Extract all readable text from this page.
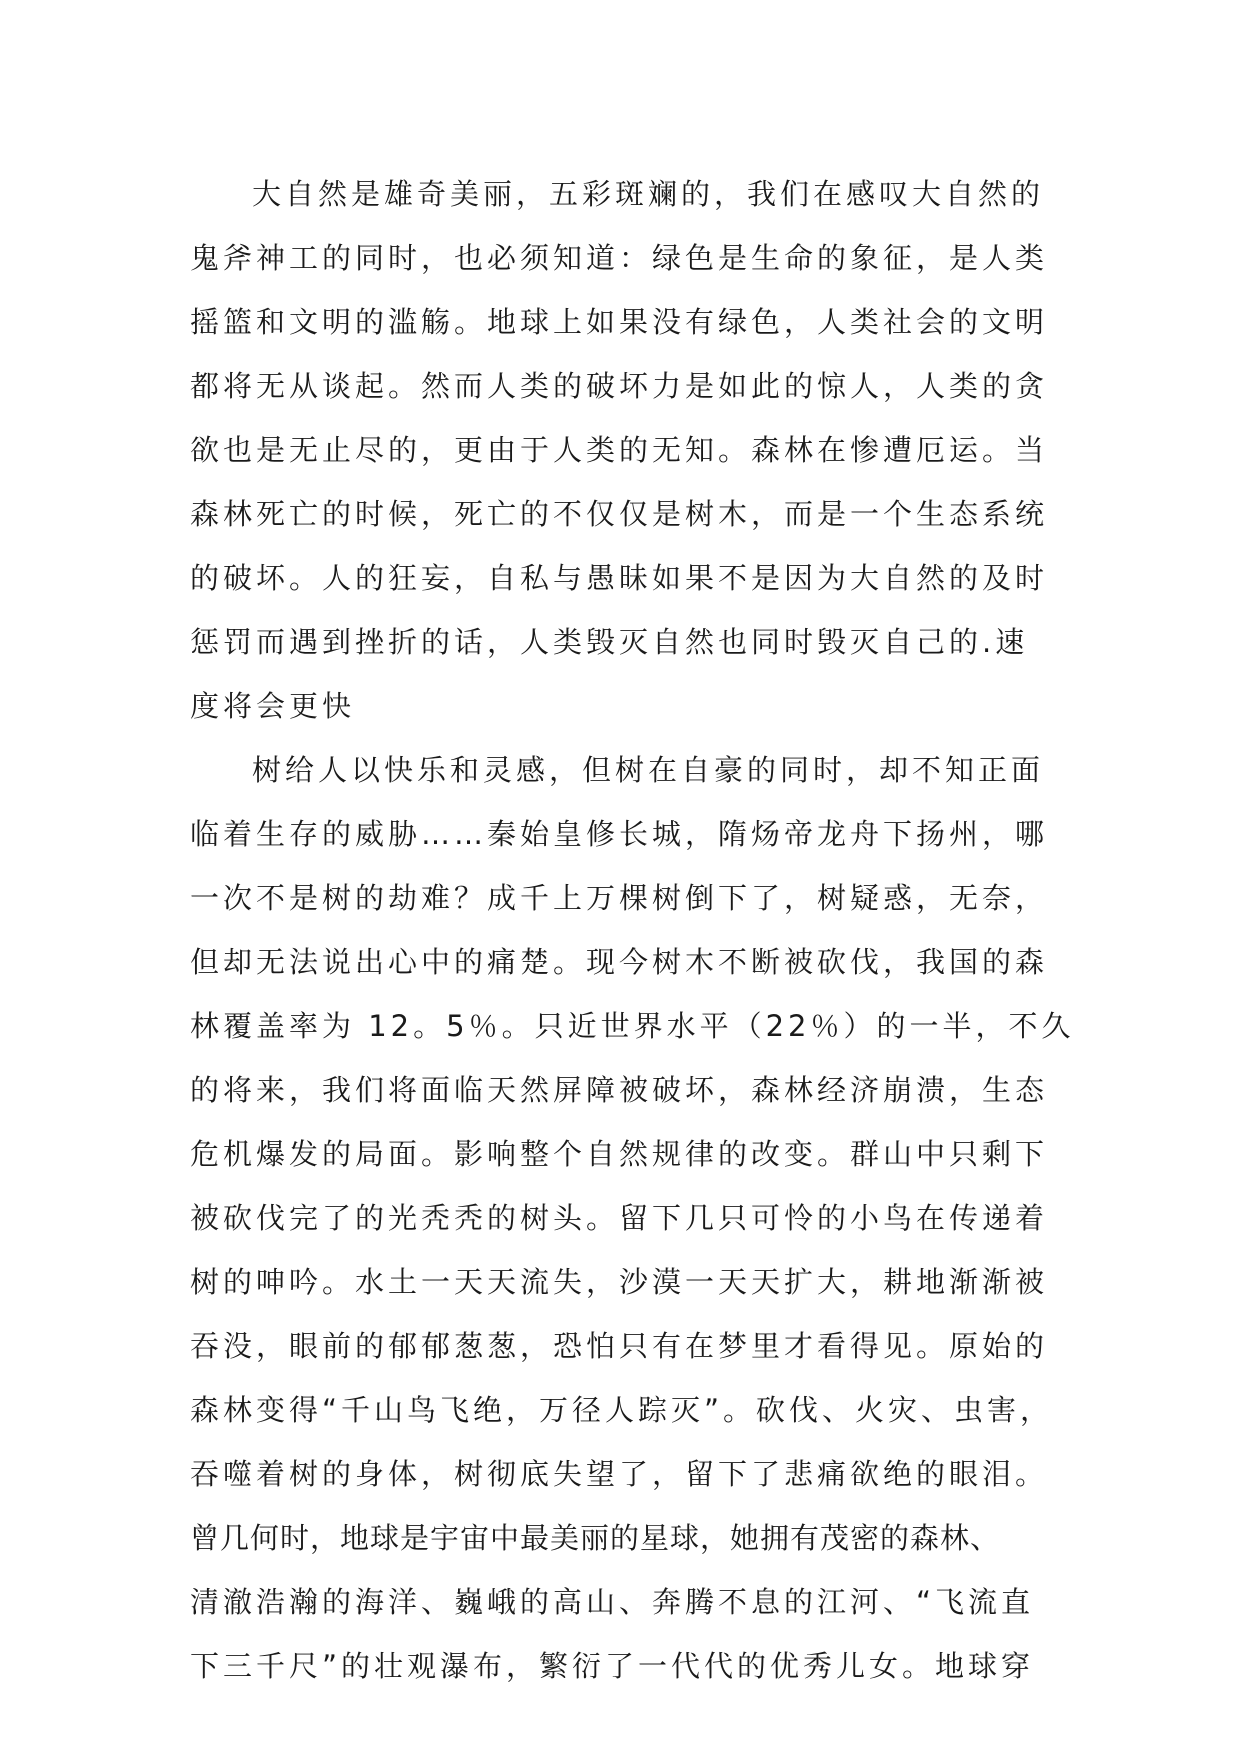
大自然是雄奇美丽，五彩斑斓的，我们在感叹大自然的
鬼斧神工的同时，也必须知道：绿色是生命的象征，是人类
摇篮和文明的滥觞。地球上如果没有绿色，人类社会的文明
都将无从谈起。然而人类的破坏力是如此的惊人，人类的贪
欲也是无止尽的，更由于人类的无知。森林在惨遭厄运。当
森林死亡的时候，死亡的不仅仅是树木，而是一个生态系统
的破坏。人的狂妄，自私与愚昧如果不是因为大自然的及时
惩罚而遇到挫折的话，人类毁灭自然也同时毁灭自己的.速
度将会更快
树给人以快乐和灵感，但树在自豪的同时，却不知正面
临着生存的威胁……秦始皇修长城，隋炀帝龙舟下扬州，哪
一次不是树的劫难？成千上万棵树倒下了，树疑惑，无奈，
但却无法说出心中的痛楚。现今树木不断被砍伐，我国的森
林覆盖率为 12。5％。只近世界水平（22％）的一半，不久
的将来，我们将面临天然屏障被破坏，森林经济崩溃，生态
危机爆发的局面。影响整个自然规律的改变。群山中只剩下
被砍伐完了的光秃秃的树头。留下几只可怜的小鸟在传递着
树的呻吟。水土一天天流失，沙漠一天天扩大，耕地渐渐被
吞没，眼前的郁郁葱葱，恐怕只有在梦里才看得见。原始的
森林变得“千山鸟飞绝，万径人踪灭”。砍伐、火灾、虫害，
吞噬着树的身体，树彻底失望了，留下了悲痛欲绝的眼泪。
曾几何时，地球是宇宙中最美丽的星球，她拥有茂密的森林、
清澈浩瀚的海洋、巍峨的高山、奔腾不息的江河、“飞流直
下三千尺”的壮观瀑布，繁衍了一代代的优秀儿女。地球穿
